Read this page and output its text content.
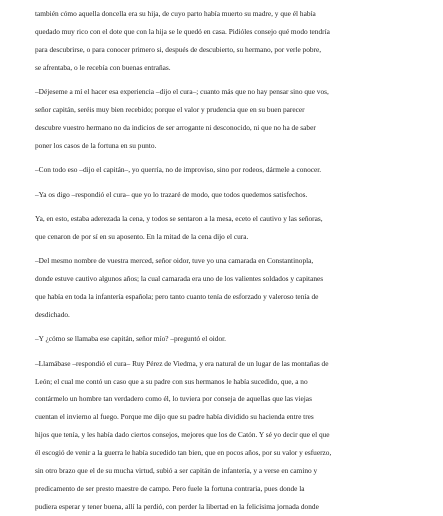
también cómo aquella doncella era su hija, de cuyo parto había muerto su madre, y que él había
quedado muy rico con el dote que con la hija se le quedó en casa. Pidióles consejo qué modo tendría
para descubrirse, o para conocer primero si, después de descubierto, su hermano, por verle pobre,
se afrentaba, o le recebía con buenas entrañas.
–Déjeseme a mí el hacer esa experiencia –dijo el cura–; cuanto más que no hay pensar sino que vos,
señor capitán, seréis muy bien recebido; porque el valor y prudencia que en su buen parecer
descubre vuestro hermano no da indicios de ser arrogante ni desconocido, ni que no ha de saber
poner los casos de la fortuna en su punto.
–Con todo eso –dijo el capitán–, yo querría, no de improviso, sino por rodeos, dármele a conocer.
–Ya os digo –respondió el cura– que yo lo trazaré de modo, que todos quedemos satisfechos.
Ya, en esto, estaba aderezada la cena, y todos se sentaron a la mesa, eceto el cautivo y las señoras,
que cenaron de por sí en su aposento. En la mitad de la cena dijo el cura.
–Del mesmo nombre de vuestra merced, señor oidor, tuve yo una camarada en Constantinopla,
donde estuve cautivo algunos años; la cual camarada era uno de los valientes soldados y capitanes
que había en toda la infantería española; pero tanto cuanto tenía de esforzado y valeroso tenía de
desdichado.
–Y ¿cómo se llamaba ese capitán, señor mío? –preguntó el oidor.
–Llamábase –respondió el cura– Ruy Pérez de Viedma, y era natural de un lugar de las montañas de
León; el cual me contó un caso que a su padre con sus hermanos le había sucedido, que, a no
contármelo un hombre tan verdadero como él, lo tuviera por conseja de aquellas que las viejas
cuentan el invierno al fuego. Porque me dijo que su padre había dividido su hacienda entre tres
hijos que tenía, y les había dado ciertos consejos, mejores que los de Catón. Y sé yo decir que el que
él escogió de venir a la guerra le había sucedido tan bien, que en pocos años, por su valor y esfuerzo,
sin otro brazo que el de su mucha virtud, subió a ser capitán de infantería, y a verse en camino y
predicamento de ser presto maestre de campo. Pero fuele la fortuna contraria, pues donde la
pudiera esperar y tener buena, allí la perdió, con perder la libertad en la felicísima jornada donde
